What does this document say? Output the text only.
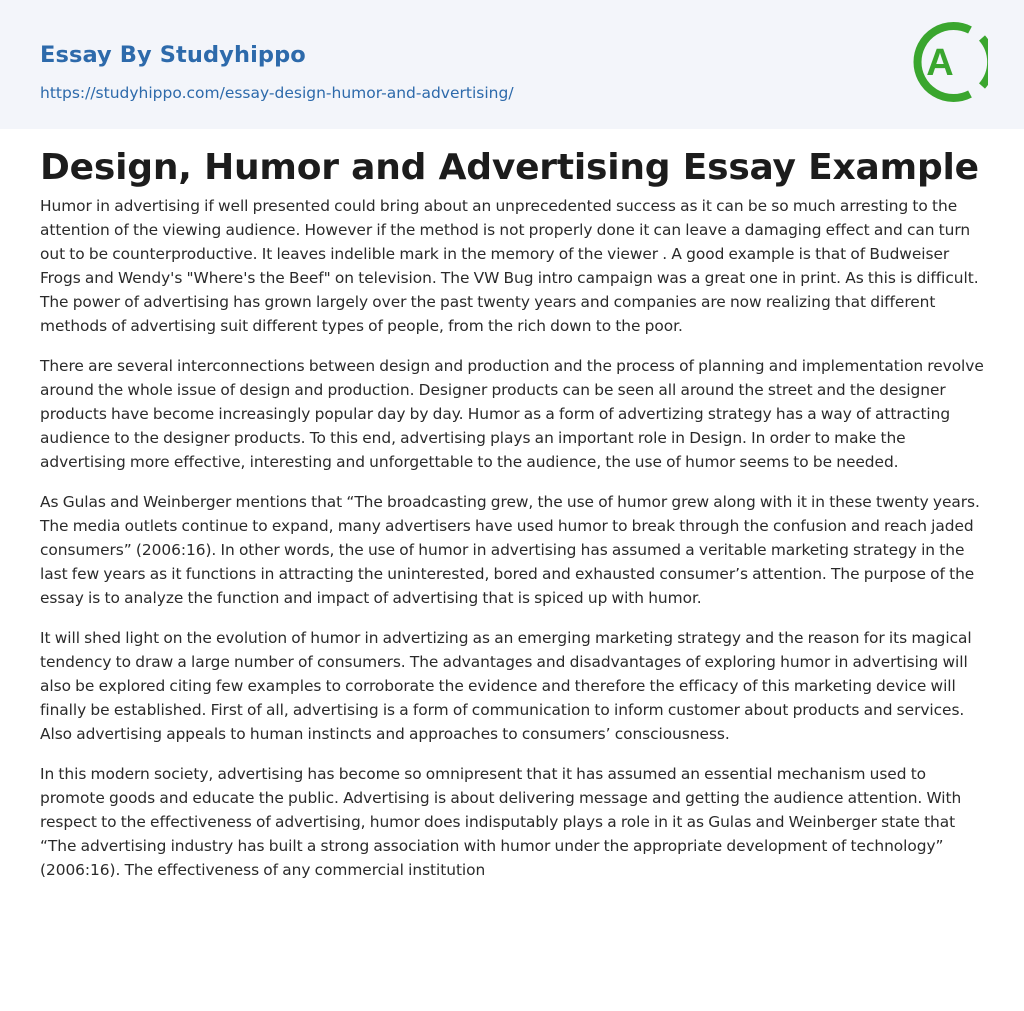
Essay By Studyhippo
https://studyhippo.com/essay-design-humor-and-advertising/
A
Design, Humor and Advertising Essay Example

Humor in advertising if well presented could bring about an unprecedented success as it can be so much arresting to the attention of the viewing audience. However if the method is not properly done it can leave a damaging effect and can turn out to be counterproductive. It leaves indelible mark in the memory of the viewer . A good example is that of Budweiser Frogs and Wendy's "Where's the Beef" on television. The VW Bug intro campaign was a great one in print. As this is difficult. The power of advertising has grown largely over the past twenty years and companies are now realizing that different methods of advertising suit different types of people, from the rich down to the poor.

There are several interconnections between design and production and the process of planning and implementation revolve around the whole issue of design and production. Designer products can be seen all around the street and the designer products have become increasingly popular day by day. Humor as a form of advertizing strategy has a way of attracting audience to the designer products. To this end, advertising plays an important role in Design. In order to make the advertising more effective, interesting and unforgettable to the audience, the use of humor seems to be needed.

As Gulas and Weinberger mentions that “The broadcasting grew, the use of humor grew along with it in these twenty years. The media outlets continue to expand, many advertisers have used humor to break through the confusion and reach jaded consumers” (2006:16). In other words, the use of humor in advertising has assumed a veritable marketing strategy in the last few years as it functions in attracting the uninterested, bored and exhausted consumer’s attention. The purpose of the essay is to analyze the function and impact of advertising that is spiced up with humor.

It will shed light on the evolution of humor in advertizing as an emerging marketing strategy and the reason for its magical tendency to draw a large number of consumers. The advantages and disadvantages of exploring humor in advertising will also be explored citing few examples to corroborate the evidence and therefore the efficacy of this marketing device will finally be established. First of all, advertising is a form of communication to inform customer about products and services. Also advertising appeals to human instincts and approaches to consumers’ consciousness.

In this modern society, advertising has become so omnipresent that it has assumed an essential mechanism used to promote goods and educate the public. Advertising is about delivering message and getting the audience attention. With respect to the effectiveness of advertising, humor does indisputably plays a role in it as Gulas and Weinberger state that “The advertising industry has built a strong association with humor under the appropriate development of technology” (2006:16). The effectiveness of any commercial institution
